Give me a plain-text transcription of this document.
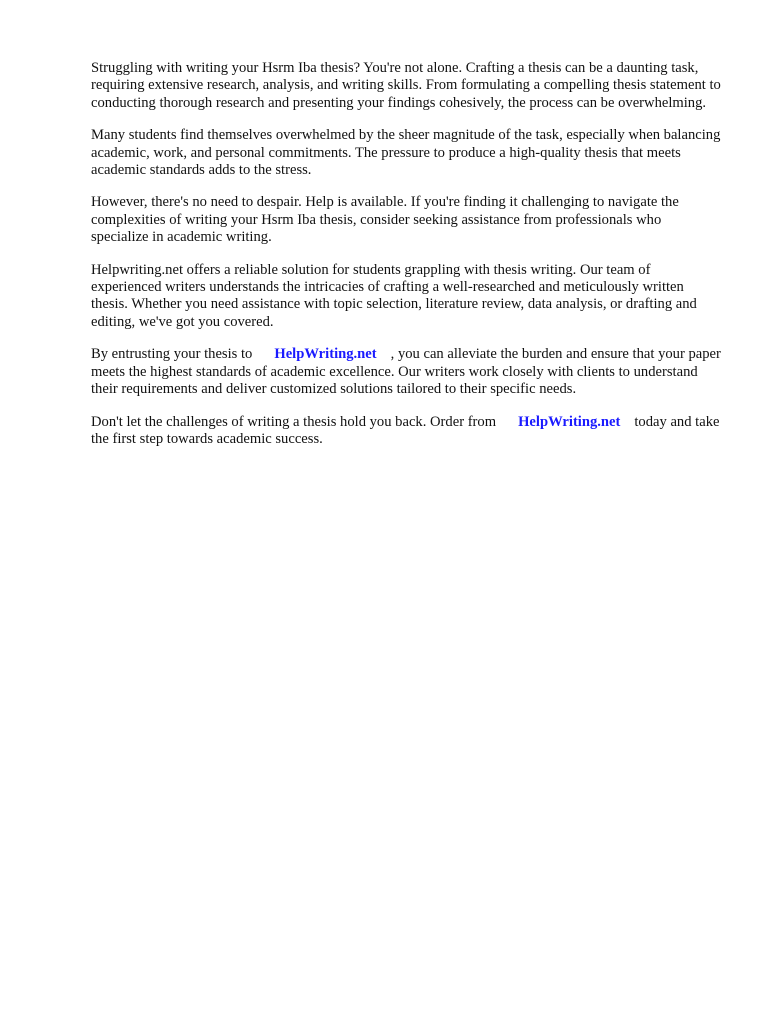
Struggling with writing your Hsrm Iba thesis? You're not alone. Crafting a thesis can be a daunting task, requiring extensive research, analysis, and writing skills. From formulating a compelling thesis statement to conducting thorough research and presenting your findings cohesively, the process can be overwhelming.

Many students find themselves overwhelmed by the sheer magnitude of the task, especially when balancing academic, work, and personal commitments. The pressure to produce a high-quality thesis that meets academic standards adds to the stress.

However, there's no need to despair. Help is available. If you're finding it challenging to navigate the complexities of writing your Hsrm Iba thesis, consider seeking assistance from professionals who specialize in academic writing.

Helpwriting.net offers a reliable solution for students grappling with thesis writing. Our team of experienced writers understands the intricacies of crafting a well-researched and meticulously written thesis. Whether you need assistance with topic selection, literature review, data analysis, or drafting and editing, we've got you covered.

By entrusting your thesis to HelpWriting.net , you can alleviate the burden and ensure that your paper meets the highest standards of academic excellence. Our writers work closely with clients to understand their requirements and deliver customized solutions tailored to their specific needs.

Don't let the challenges of writing a thesis hold you back. Order from HelpWriting.net today and take the first step towards academic success.
